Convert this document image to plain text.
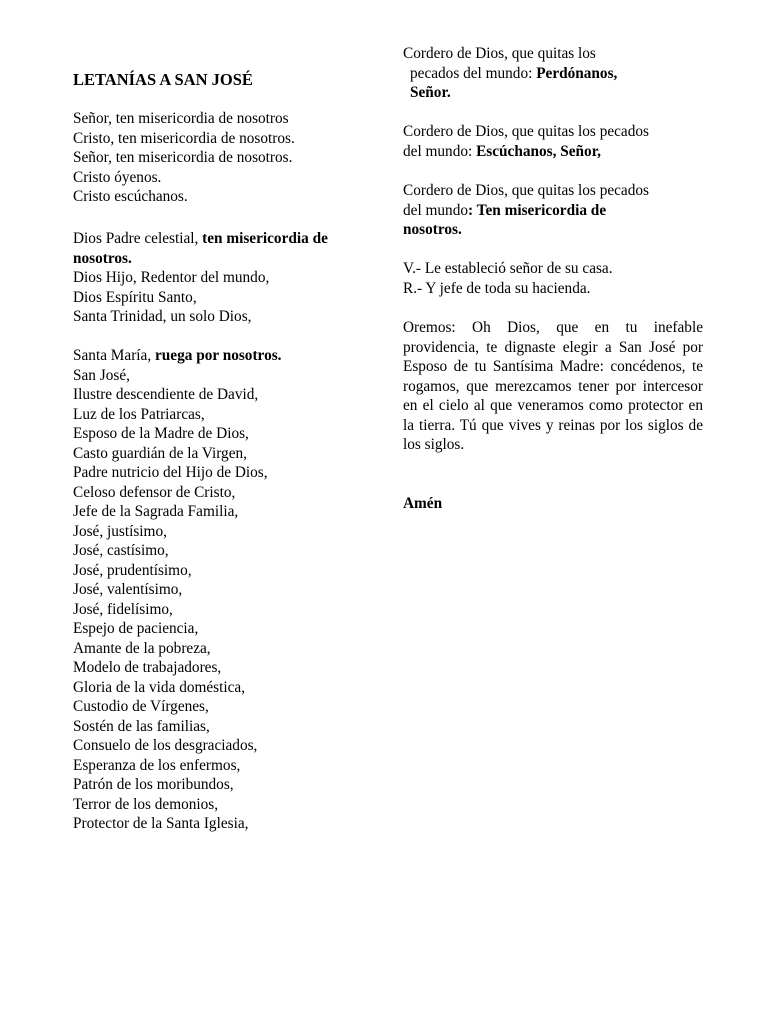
LETANÍAS A SAN JOSÉ
Señor, ten misericordia de nosotros
Cristo, ten misericordia de nosotros.
Señor, ten misericordia de nosotros.
Cristo óyenos.
Cristo escúchanos.
Dios Padre celestial, ten misericordia de
nosotros.
Dios Hijo, Redentor del mundo,
Dios Espíritu Santo,
Santa Trinidad, un solo Dios,
Santa María, ruega por nosotros.
San José,
Ilustre descendiente de David,
Luz de los Patriarcas,
Esposo de la Madre de Dios,
Casto guardián de la Virgen,
Padre nutricio del Hijo de Dios,
Celoso defensor de Cristo,
Jefe de la Sagrada Familia,
José, justísimo,
José, castísimo,
José, prudentísimo,
José, valentísimo,
José, fidelísimo,
Espejo de paciencia,
Amante de la pobreza,
Modelo de trabajadores,
Gloria de la vida doméstica,
Custodio de Vírgenes,
Sostén de las familias,
Consuelo de los desgraciados,
Esperanza de los enfermos,
Patrón de los moribundos,
Terror de los demonios,
Protector de la Santa Iglesia,
Cordero de Dios, que quitas los
pecados del mundo: Perdónanos,
Señor.
Cordero de Dios, que quitas los pecados
del mundo: Escúchanos, Señor,
Cordero de Dios, que quitas los pecados
del mundo: Ten misericordia de
nosotros.
V.- Le estableció señor de su casa.
R.- Y jefe de toda su hacienda.
Oremos: Oh Dios, que en tu inefable providencia, te dignaste elegir a San José por Esposo de tu Santísima Madre: concédenos, te rogamos, que merezcamos tener por intercesor en el cielo al que veneramos como protector en la tierra. Tú que vives y reinas por los siglos de los siglos.
Amén
